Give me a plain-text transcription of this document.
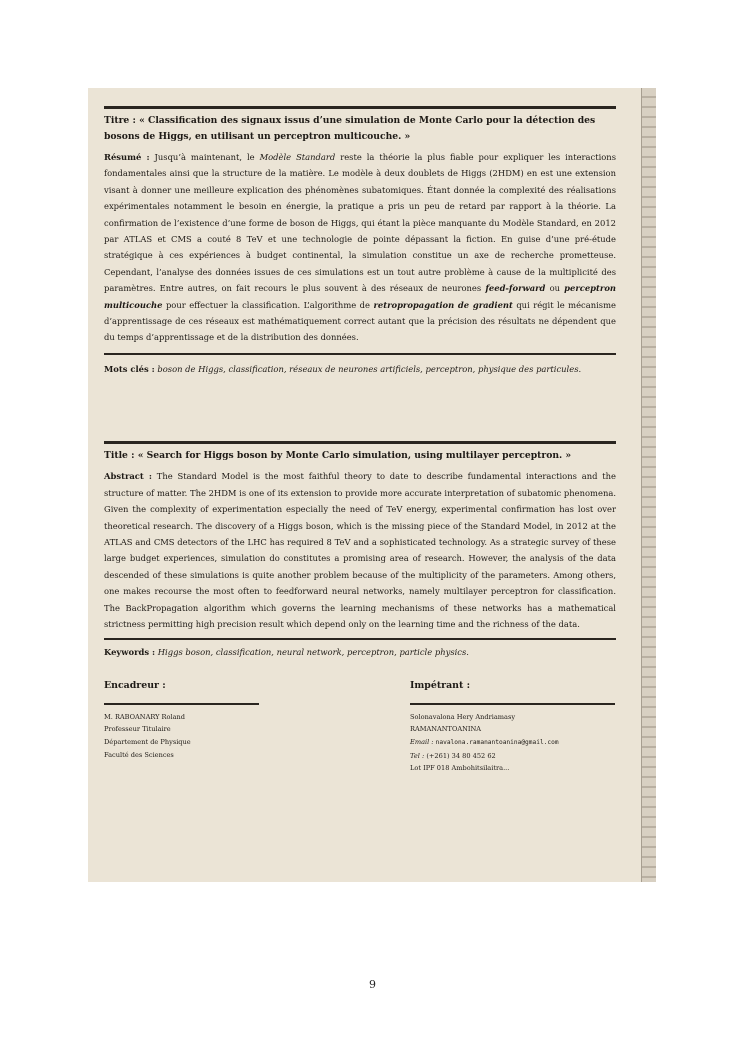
Titre : « Classification des signaux issus d’une simulation de Monte Carlo pour la détection des bosons de Higgs, en utilisant un perceptron multicouche. »

Résumé : Jusqu’à maintenant, le Modèle Standard reste la théorie la plus fiable pour expliquer les interactions fondamentales ainsi que la structure de la matière. Le modèle à deux doublets de Higgs (2HDM) en est une extension visant à donner une meilleure explication des phénomènes subatomiques. Étant donnée la complexité des réalisations expérimentales notamment le besoin en énergie, la pratique a pris un peu de retard par rapport à la théorie. La confirmation de l’existence d’une forme de boson de Higgs, qui étant la pièce manquante du Modèle Standard, en 2012 par ATLAS et CMS a couté 8 TeV et une technologie de pointe dépassant la fiction. En guise d’une pré-étude stratégique à ces expériences à budget continental, la simulation constitue un axe de recherche prometteuse. Cependant, l’analyse des données issues de ces simulations est un tout autre problème à cause de la multiplicité des paramètres. Entre autres, on fait recours le plus souvent à des réseaux de neurones feed-forward ou perceptron multicouche pour effectuer la classification. L’algorithme de retropropagation de gradient qui régit le mécanisme d’apprentissage de ces réseaux est mathématiquement correct autant que la précision des résultats ne dépendent que du temps d’apprentissage et de la distribution des données.

Mots clés : boson de Higgs, classification, réseaux de neurones artificiels, perceptron, physique des particules.

Title : « Search for Higgs boson by Monte Carlo simulation, using multilayer perceptron. »

Abstract : The Standard Model is the most faithful theory to date to describe fundamental interactions and the structure of matter. The 2HDM is one of its extension to provide more accurate interpretation of subatomic phenomena. Given the complexity of experimentation especially the need of TeV energy, experimental confirmation has lost over theoretical research. The discovery of a Higgs boson, which is the missing piece of the Standard Model, in 2012 at the ATLAS and CMS detectors of the LHC has required 8 TeV and a sophisticated technology. As a strategic survey of these large budget experiences, simulation do constitutes a promising area of research. However, the analysis of the data descended of these simulations is quite another problem because of the multiplicity of the parameters. Among others, one makes recourse the most often to feedforward neural networks, namely multilayer perceptron for classification. The BackPropagation algorithm which governs the learning mechanisms of these networks has a mathematical strictness permitting high precision result which depend only on the learning time and the richness of the data.

Keywords : Higgs boson, classification, neural network, perceptron, particle physics.

Encadreur :
M. RABOANARY Roland
Professeur Titulaire
Département de Physique
Faculté des Sciences
Impétrant :
Solonavalona Hery Andriamasy
RAMANANTOANINA
Email : navalona.ramanantoanina@gmail.com
Tel : (+261) 34 80 452 62
Lot IPF 018 Ambohitsilaitra...
9
